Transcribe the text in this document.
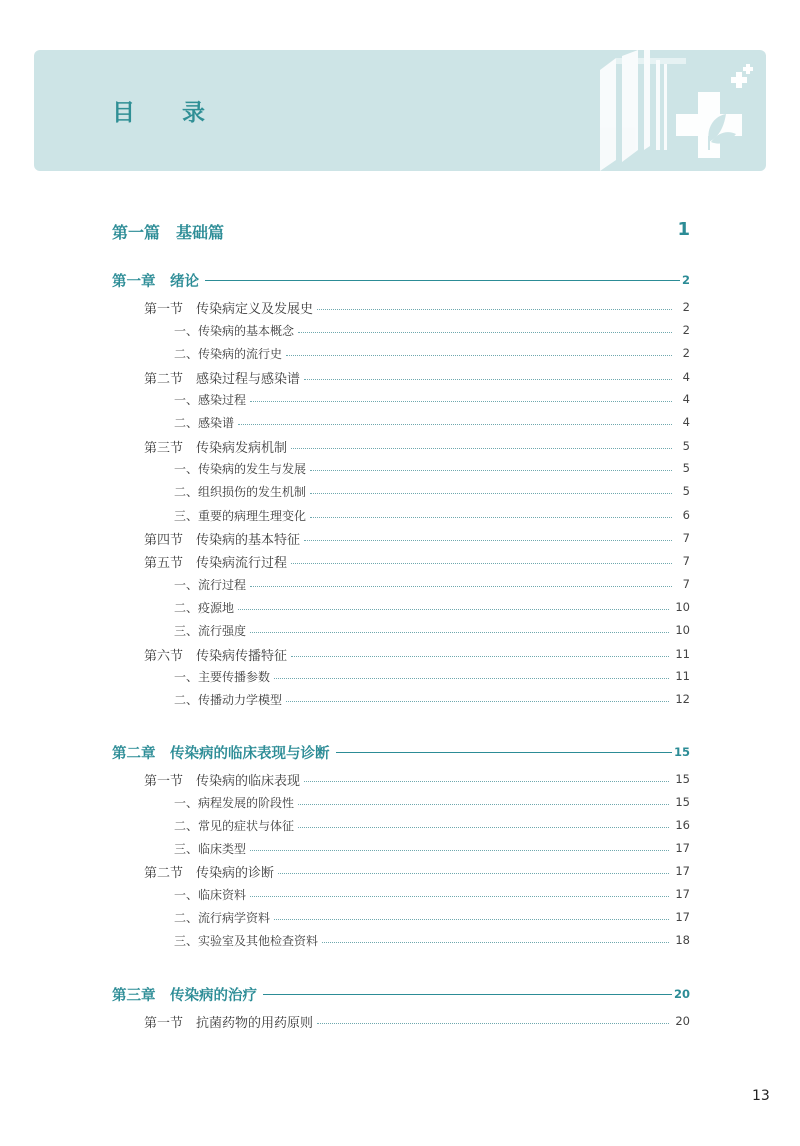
目　录
第一篇　基础篇	1
第一章　绪论	2
第一节　传染病定义及发展史	2
一、传染病的基本概念	2
二、传染病的流行史	2
第二节　感染过程与感染谱	4
一、感染过程	4
二、感染谱	4
第三节　传染病发病机制	5
一、传染病的发生与发展	5
二、组织损伤的发生机制	5
三、重要的病理生理变化	6
第四节　传染病的基本特征	7
第五节　传染病流行过程	7
一、流行过程	7
二、疫源地	10
三、流行强度	10
第六节　传染病传播特征	11
一、主要传播参数	11
二、传播动力学模型	12
第二章　传染病的临床表现与诊断	15
第一节　传染病的临床表现	15
一、病程发展的阶段性	15
二、常见的症状与体征	16
三、临床类型	17
第二节　传染病的诊断	17
一、临床资料	17
二、流行病学资料	17
三、实验室及其他检查资料	18
第三章　传染病的治疗	20
第一节　抗菌药物的用药原则	20
13
